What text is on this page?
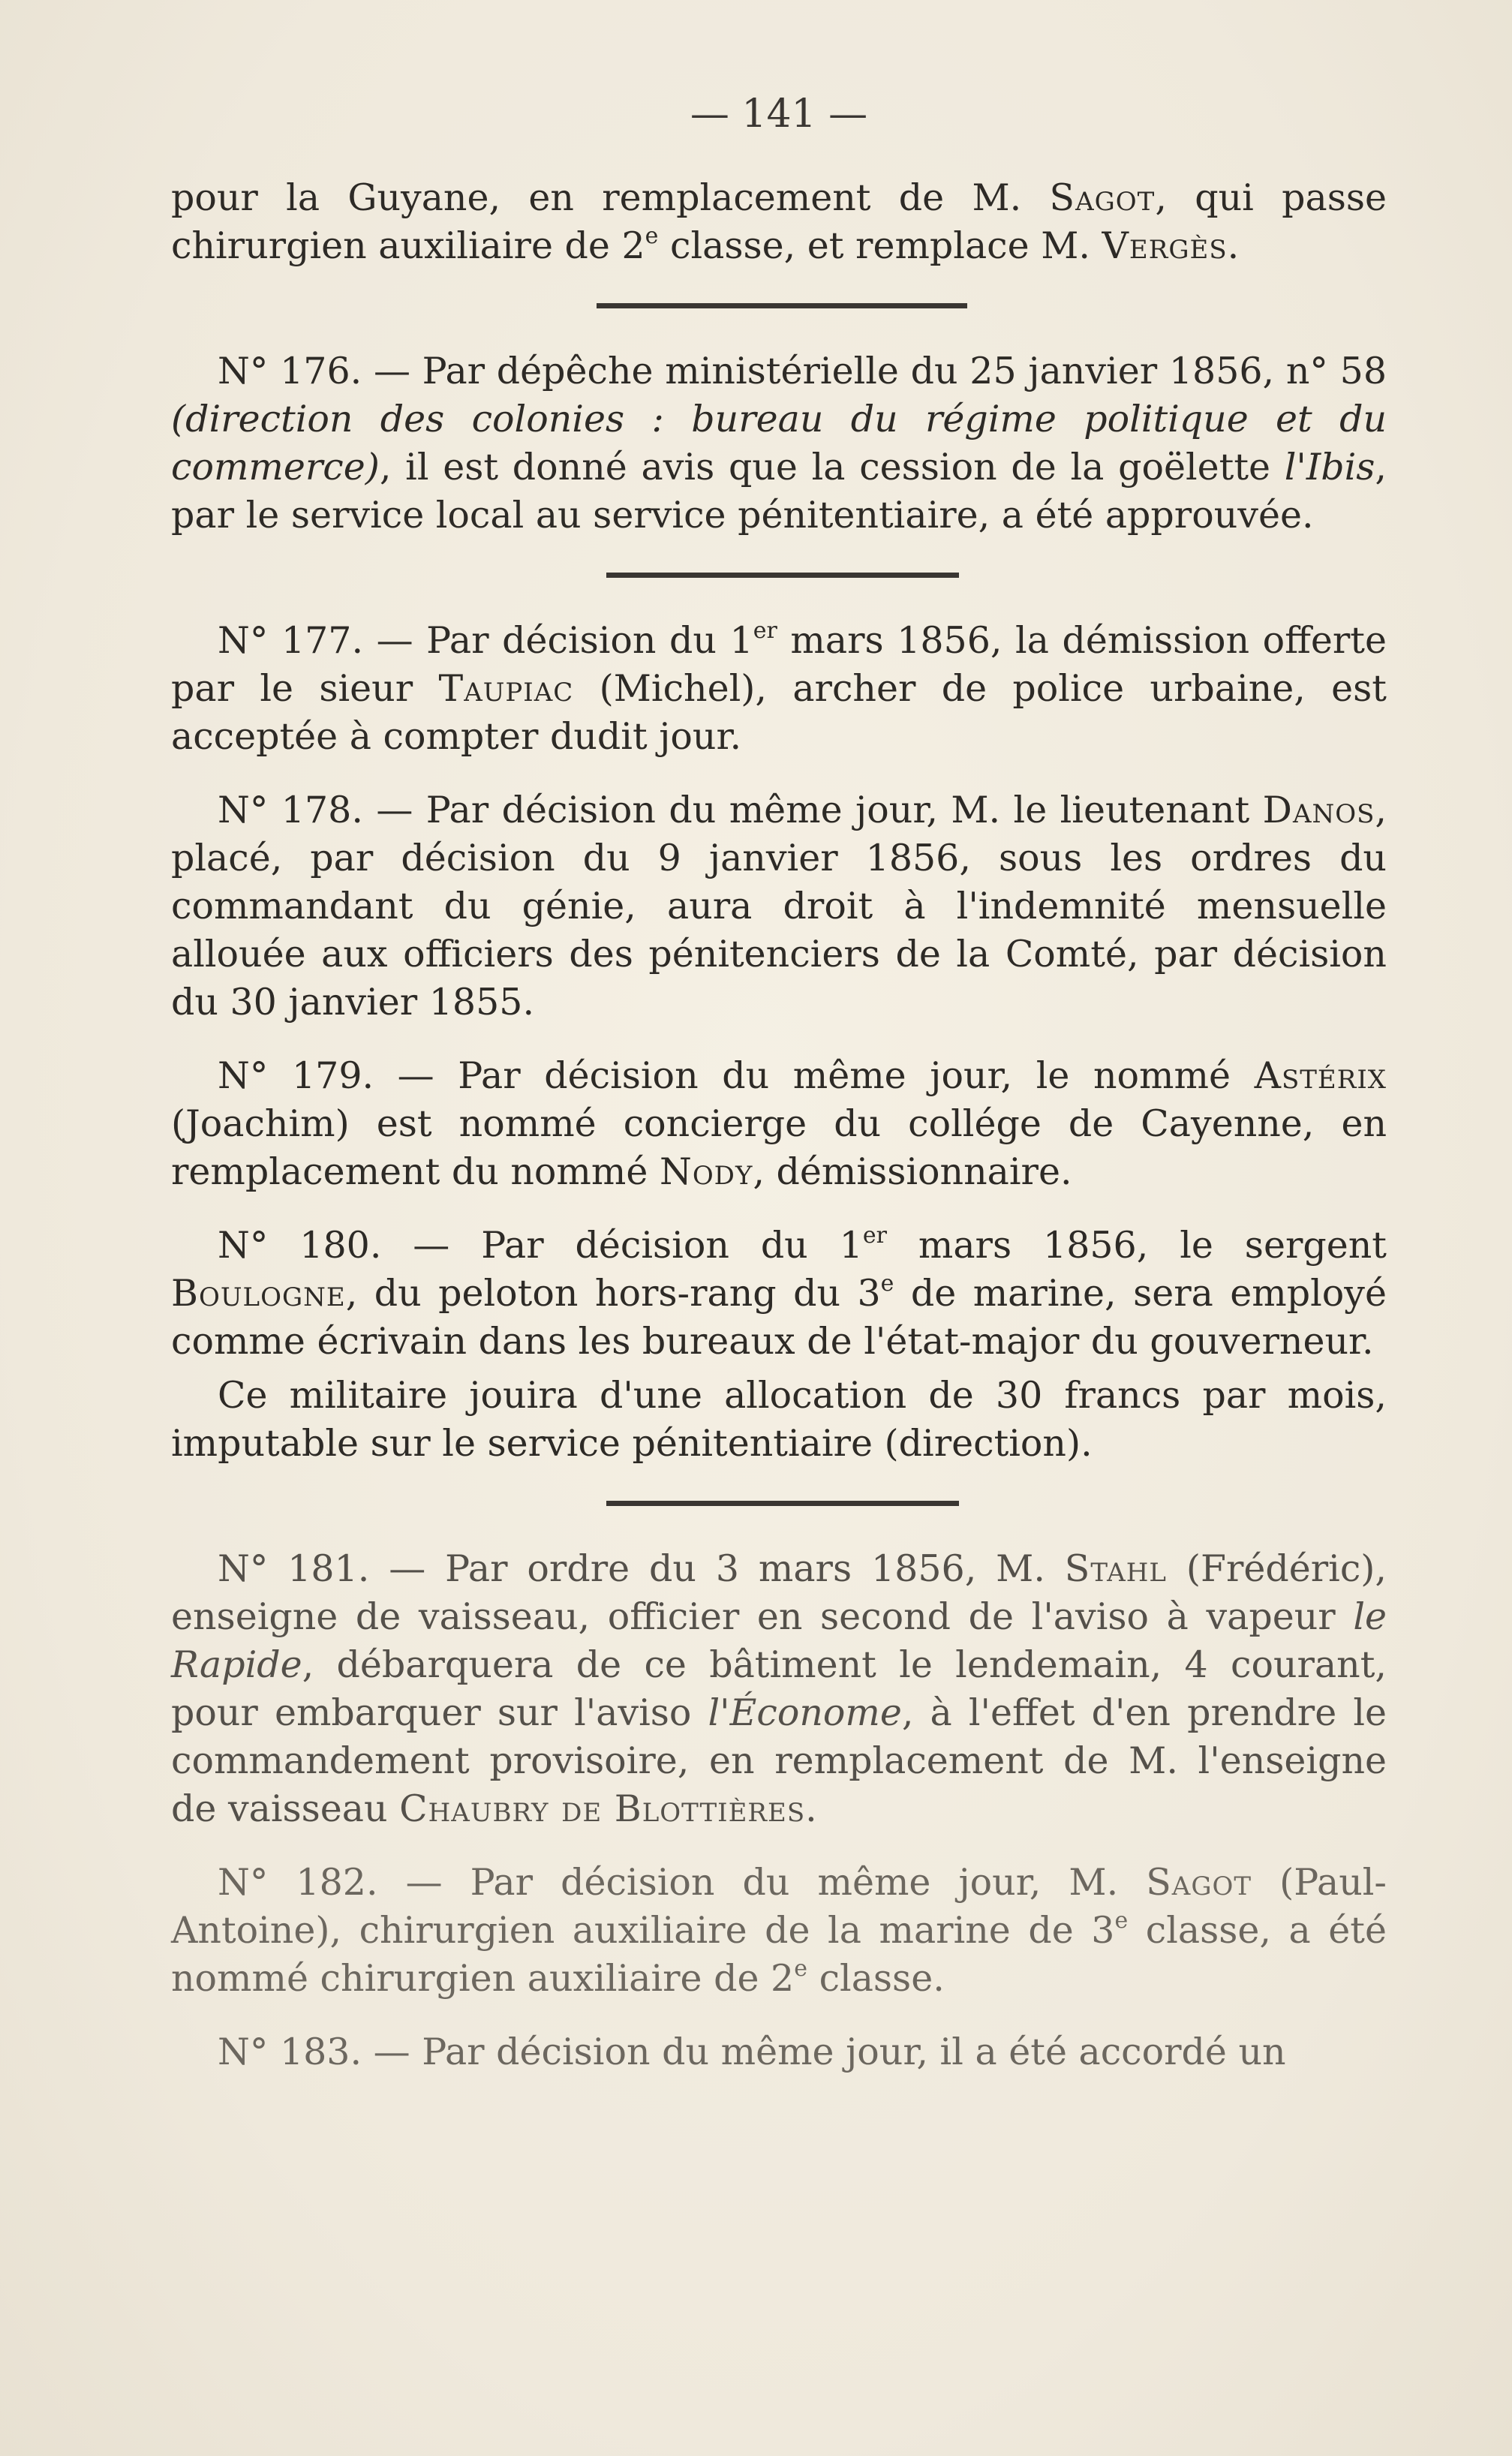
— 141 —

pour la Guyane, en remplacement de M. Sagot, qui passe chirurgien auxiliaire de 2e classe, et remplace M. Vergès.

N° 176. — Par dépêche ministérielle du 25 janvier 1856, n° 58 (direction des colonies : bureau du régime politique et du commerce), il est donné avis que la cession de la goëlette l'Ibis, par le service local au service pénitentiaire, a été approuvée.

N° 177. — Par décision du 1er mars 1856, la démission offerte par le sieur Taupiac (Michel), archer de police urbaine, est acceptée à compter dudit jour.

N° 178. — Par décision du même jour, M. le lieutenant Danos, placé, par décision du 9 janvier 1856, sous les ordres du commandant du génie, aura droit à l'indemnité mensuelle allouée aux officiers des pénitenciers de la Comté, par décision du 30 janvier 1855.

N° 179. — Par décision du même jour, le nommé Astérix (Joachim) est nommé concierge du collége de Cayenne, en remplacement du nommé Nody, démissionnaire.

N° 180. — Par décision du 1er mars 1856, le sergent Boulogne, du peloton hors-rang du 3e de marine, sera employé comme écrivain dans les bureaux de l'état-major du gouverneur.

Ce militaire jouira d'une allocation de 30 francs par mois, imputable sur le service pénitentiaire (direction).

N° 181. — Par ordre du 3 mars 1856, M. Stahl (Frédéric), enseigne de vaisseau, officier en second de l'aviso à vapeur le Rapide, débarquera de ce bâtiment le lendemain, 4 courant, pour embarquer sur l'aviso l'Économe, à l'effet d'en prendre le commandement provisoire, en remplacement de M. l'enseigne de vaisseau Chaubry de Blottières.

N° 182. — Par décision du même jour, M. Sagot (Paul-Antoine), chirurgien auxiliaire de la marine de 3e classe, a été nommé chirurgien auxiliaire de 2e classe.

N° 183. — Par décision du même jour, il a été accordé un
